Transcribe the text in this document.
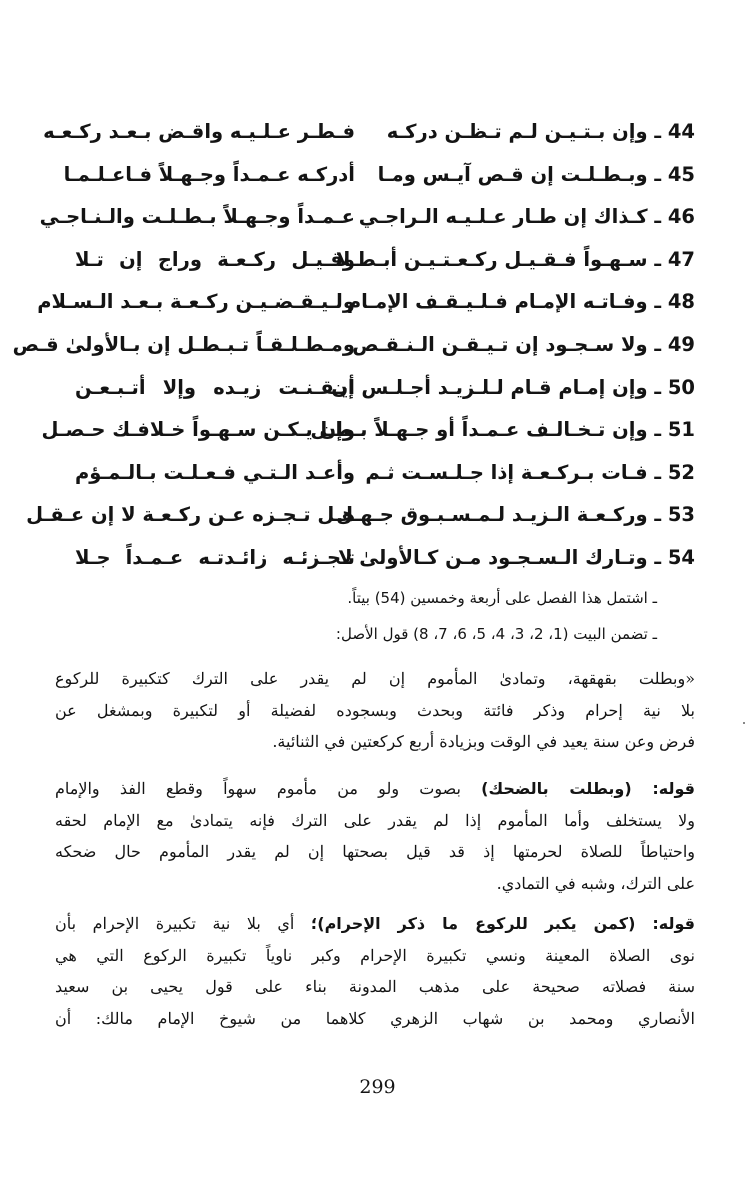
44 ـ وإن بـتـيـن لـم تـظـن دركـه
فـطـر عـلـيـه واقـض بـعـد ركـعـه
45 ـ وبـطـلـت إن قـص آيـس ومـا
أدركـه عـمـداً وجـهـلاً فـاعـلـمـا
46 ـ كـذاك إن طـار عـلـيـه الـراجـي
عـمـداً وجـهـلاً بـطـلـت والـنـاجـي
47 ـ سـهـواً فـقـيـل ركـعـتـيـن أبـطـلا
وقـيـل ركـعـة وراج إن تـلا
48 ـ وفـاتـه الإمـام فـلـيـقـف الإمـام
ولـيـقـضـيـن ركـعـة بـعـد الـسـلام
49 ـ ولا سـجـود إن تـيـقـن الـنـقـص
ومـطـلـقـاً تـبـطـل إن بـالأولىٰ قـص
50 ـ وإن إمـام قـام لـلـزيـد أجـلـس إن
أيـقـنـت زيـده وإلا أتـبـعـن
51 ـ وإن تـخـالـف عـمـداً أو جـهـلاً بـطـل
وإن يـكـن سـهـواً خـلافـك حـصـل
52 ـ فـات بـركـعـة إذا جـلـسـت ثـم
وأعـد الـتـي فـعـلـت بـالـمـؤم
53 ـ وركـعـة الـزيـد لـمـسـبـوق جـهـل
هـل تـجـزه عـن ركـعـة لا إن عـقـل
54 ـ وتـارك الـسـجـود مـن كـالأولىٰ لا
تـجـزئـه زائـدتـه عـمـداً جـلا
ـ اشتمل هذا الفصل على أربعة وخمسين (54) بيتاً.
ـ تضمن البيت (1، 2، 3، 4، 5، 6، 7، 8) قول الأصل:
«وبطلت بقهقهة، وتمادىٰ المأموم إن لم يقدر على الترك كتكبيرة للركوع
بلا نية إحرام وذكر فائتة وبحدث وبسجوده لفضيلة أو لتكبيرة وبمشغل عن
فرض وعن سنة يعيد في الوقت وبزيادة أربع كركعتين في الثنائية.
قوله: (وبطلت بالضحك) بصوت ولو من مأموم سهواً وقطع الفذ والإمام
ولا يستخلف وأما المأموم إذا لم يقدر على الترك فإنه يتمادىٰ مع الإمام لحقه
واحتياطاً للصلاة لحرمتها إذ قد قيل بصحتها إن لم يقدر المأموم حال ضحكه
على الترك، وشبه في التمادي.
قوله: (كمن يكبر للركوع ما ذكر الإحرام)؛ أي بلا نية تكبيرة الإحرام بأن
نوى الصلاة المعينة ونسي تكبيرة الإحرام وكبر ناوياً تكبيرة الركوع التي هي
سنة فصلاته صحيحة على مذهب المدونة بناء على قول يحيى بن سعيد
الأنصاري ومحمد بن شهاب الزهري كلاهما من شيوخ الإمام مالك: أن
299
